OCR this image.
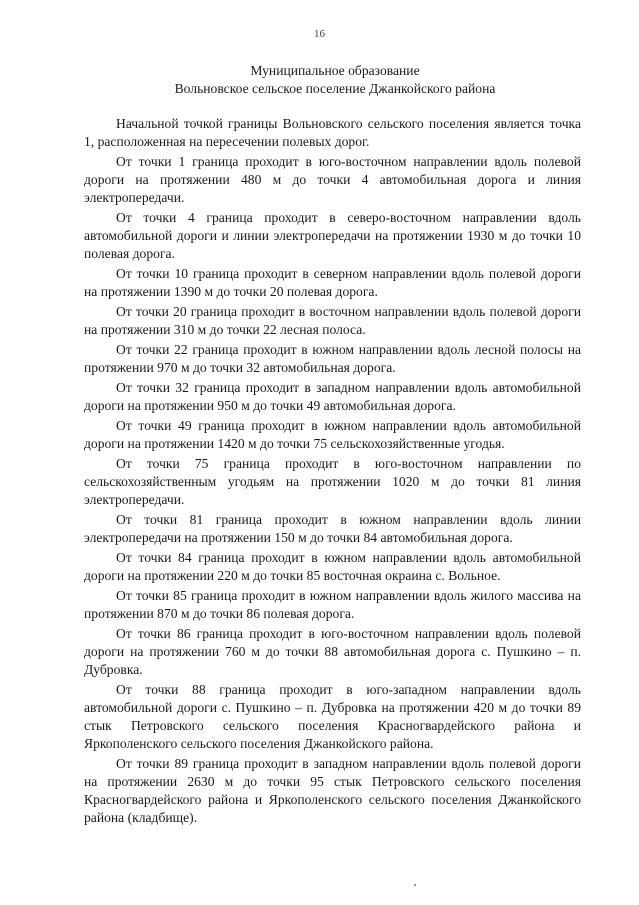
16
Муниципальное образование
Вольновское сельское поселение Джанкойского района

Начальной точкой границы Вольновского сельского поселения является точка 1, расположенная на пересечении полевых дорог.

От точки 1 граница проходит в юго-восточном направлении вдоль полевой дороги на протяжении 480 м до точки 4 автомобильная дорога и линия электропередачи.

От точки 4 граница проходит в северо-восточном направлении вдоль автомобильной дороги и линии электропередачи на протяжении 1930 м до точки 10 полевая дорога.

От точки 10 граница проходит в северном направлении вдоль полевой дороги на протяжении 1390 м до точки 20 полевая дорога.

От точки 20 граница проходит в восточном направлении вдоль полевой дороги на протяжении 310 м до точки 22 лесная полоса.

От точки 22 граница проходит в южном направлении вдоль лесной полосы на протяжении 970 м до точки 32 автомобильная дорога.

От точки 32 граница проходит в западном направлении вдоль автомобильной дороги на протяжении 950 м до точки 49 автомобильная дорога.

От точки 49 граница проходит в южном направлении вдоль автомобильной дороги на протяжении 1420 м до точки 75 сельскохозяйственные угодья.

От точки 75 граница проходит в юго-восточном направлении по сельскохозяйственным угодьям на протяжении 1020 м до точки 81 линия электропередачи.

От точки 81 граница проходит в южном направлении вдоль линии электропередачи на протяжении 150 м до точки 84 автомобильная дорога.

От точки 84 граница проходит в южном направлении вдоль автомобильной дороги на протяжении 220 м до точки 85 восточная окраина с. Вольное.

От точки 85 граница проходит в южном направлении вдоль жилого массива на протяжении 870 м до точки 86 полевая дорога.

От точки 86 граница проходит в юго-восточном направлении вдоль полевой дороги на протяжении 760 м до точки 88 автомобильная дорога с. Пушкино – п. Дубровка.

От точки 88 граница проходит в юго-западном направлении вдоль автомобильной дороги с. Пушкино – п. Дубровка на протяжении 420 м до точки 89 стык Петровского сельского поселения Красногвардейского района и Яркополенского сельского поселения Джанкойского района.

От точки 89 граница проходит в западном направлении вдоль полевой дороги на протяжении 2630 м до точки 95 стык Петровского сельского поселения Красногвардейского района и Яркополенского сельского поселения Джанкойского района (кладбище).
